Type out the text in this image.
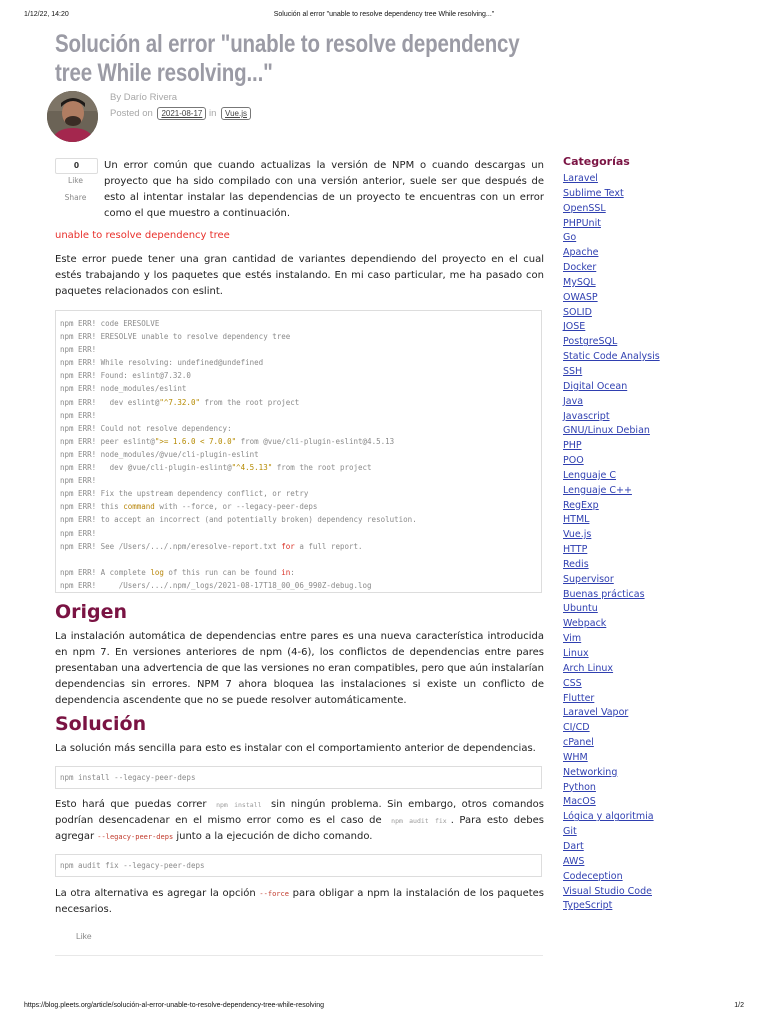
1/12/22, 14:20	Solución al error "unable to resolve dependency tree While resolving..."
Solución al error "unable to resolve dependency tree While resolving..."
By Darío Rivera
Posted on 2021-08-17 in Vue.js
0
Like
Share

Un error común que cuando actualizas la versión de NPM o cuando descargas un proyecto que ha sido compilado con una versión anterior, suele ser que después de esto al intentar instalar las dependencias de un proyecto te encuentras con un error como el que muestro a continuación.

unable to resolve dependency tree

Este error puede tener una gran cantidad de variantes dependiendo del proyecto en el cual estés trabajando y los paquetes que estés instalando. En mi caso particular, me ha pasado con paquetes relacionados con eslint.

npm ERR! code ERESOLVE
npm ERR! ERESOLVE unable to resolve dependency tree
npm ERR!
npm ERR! While resolving: undefined@undefined
npm ERR! Found: eslint@7.32.0
npm ERR! node_modules/eslint
npm ERR!   dev eslint@"^7.32.0" from the root project
npm ERR!
npm ERR! Could not resolve dependency:
npm ERR! peer eslint@">= 1.6.0 < 7.0.0" from @vue/cli-plugin-eslint@4.5.13
npm ERR! node_modules/@vue/cli-plugin-eslint
npm ERR!   dev @vue/cli-plugin-eslint@"^4.5.13" from the root project
npm ERR!
npm ERR! Fix the upstream dependency conflict, or retry
npm ERR! this command with --force, or --legacy-peer-deps
npm ERR! to accept an incorrect (and potentially broken) dependency resolution.
npm ERR!
npm ERR! See /Users/.../.npm/eresolve-report.txt for a full report.
npm ERR! A complete log of this run can be found in:
npm ERR!     /Users/.../.npm/_logs/2021-08-17T18_00_06_990Z-debug.log
Origen

La instalación automática de dependencias entre pares es una nueva característica introducida en npm 7. En versiones anteriores de npm (4-6), los conflictos de dependencias entre pares presentaban una advertencia de que las versiones no eran compatibles, pero que aún instalarían dependencias sin errores. NPM 7 ahora bloquea las instalaciones si existe un conflicto de dependencia ascendente que no se puede resolver automáticamente.

Solución

La solución más sencilla para esto es instalar con el comportamiento anterior de dependencias.

npm install --legacy-peer-deps

Esto hará que puedas correr npm install sin ningún problema. Sin embargo, otros comandos podrían desencadenar en el mismo error como es el caso de npm audit fix . Para esto debes agregar --legacy-peer-deps junto a la ejecución de dicho comando.

npm audit fix --legacy-peer-deps

La otra alternativa es agregar la opción --force para obligar a npm la instalación de los paquetes necesarios.

Like
Categorías
Laravel
Sublime Text
OpenSSL
PHPUnit
Go
Apache
Docker
MySQL
OWASP
SOLID
JOSE
PostgreSQL
Static Code Analysis
SSH
Digital Ocean
Java
Javascript
GNU/Linux Debian
PHP
POO
Lenguaje C
Lenguaje C++
RegExp
HTML
Vue.js
HTTP
Redis
Supervisor
Buenas prácticas
Ubuntu
Webpack
Vim
Linux
Arch Linux
CSS
Flutter
Laravel Vapor
CI/CD
cPanel
WHM
Networking
Python
MacOS
Lógica y algoritmia
Git
Dart
AWS
Codeception
Visual Studio Code
TypeScript
https://blog.pleets.org/article/solución-al-error-unable-to-resolve-dependency-tree-while-resolving	1/2
